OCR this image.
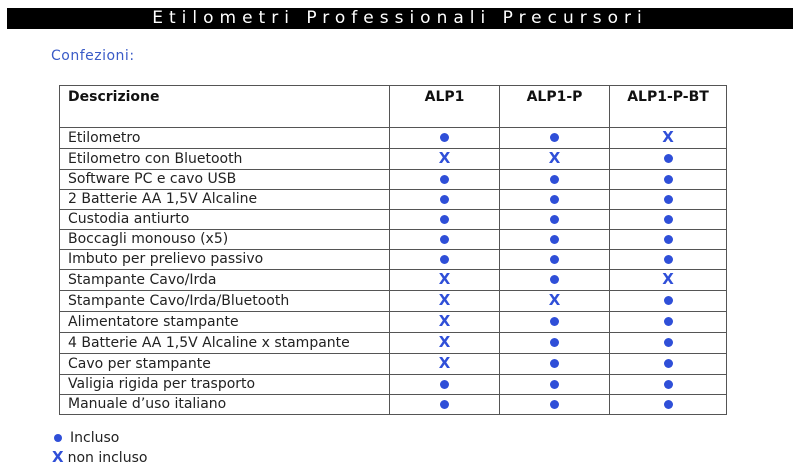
Etilometri Professionali Precursori
Confezioni:
Descrizione	ALP1	ALP1-P	ALP1-P-BT
Etilometro			X
Etilometro con Bluetooth	X	X	
Software PC e cavo USB			
2 Batterie AA 1,5V Alcaline			
Custodia antiurto			
Boccagli monouso (x5)			
Imbuto per prelievo passivo			
Stampante Cavo/Irda	X		X
Stampante Cavo/Irda/Bluetooth	X	X	
Alimentatore stampante	X		
4 Batterie AA 1,5V Alcaline x stampante	X		
Cavo per stampante	X		
Valigia rigida per trasporto			
Manuale d’uso italiano			
Incluso
X non incluso
